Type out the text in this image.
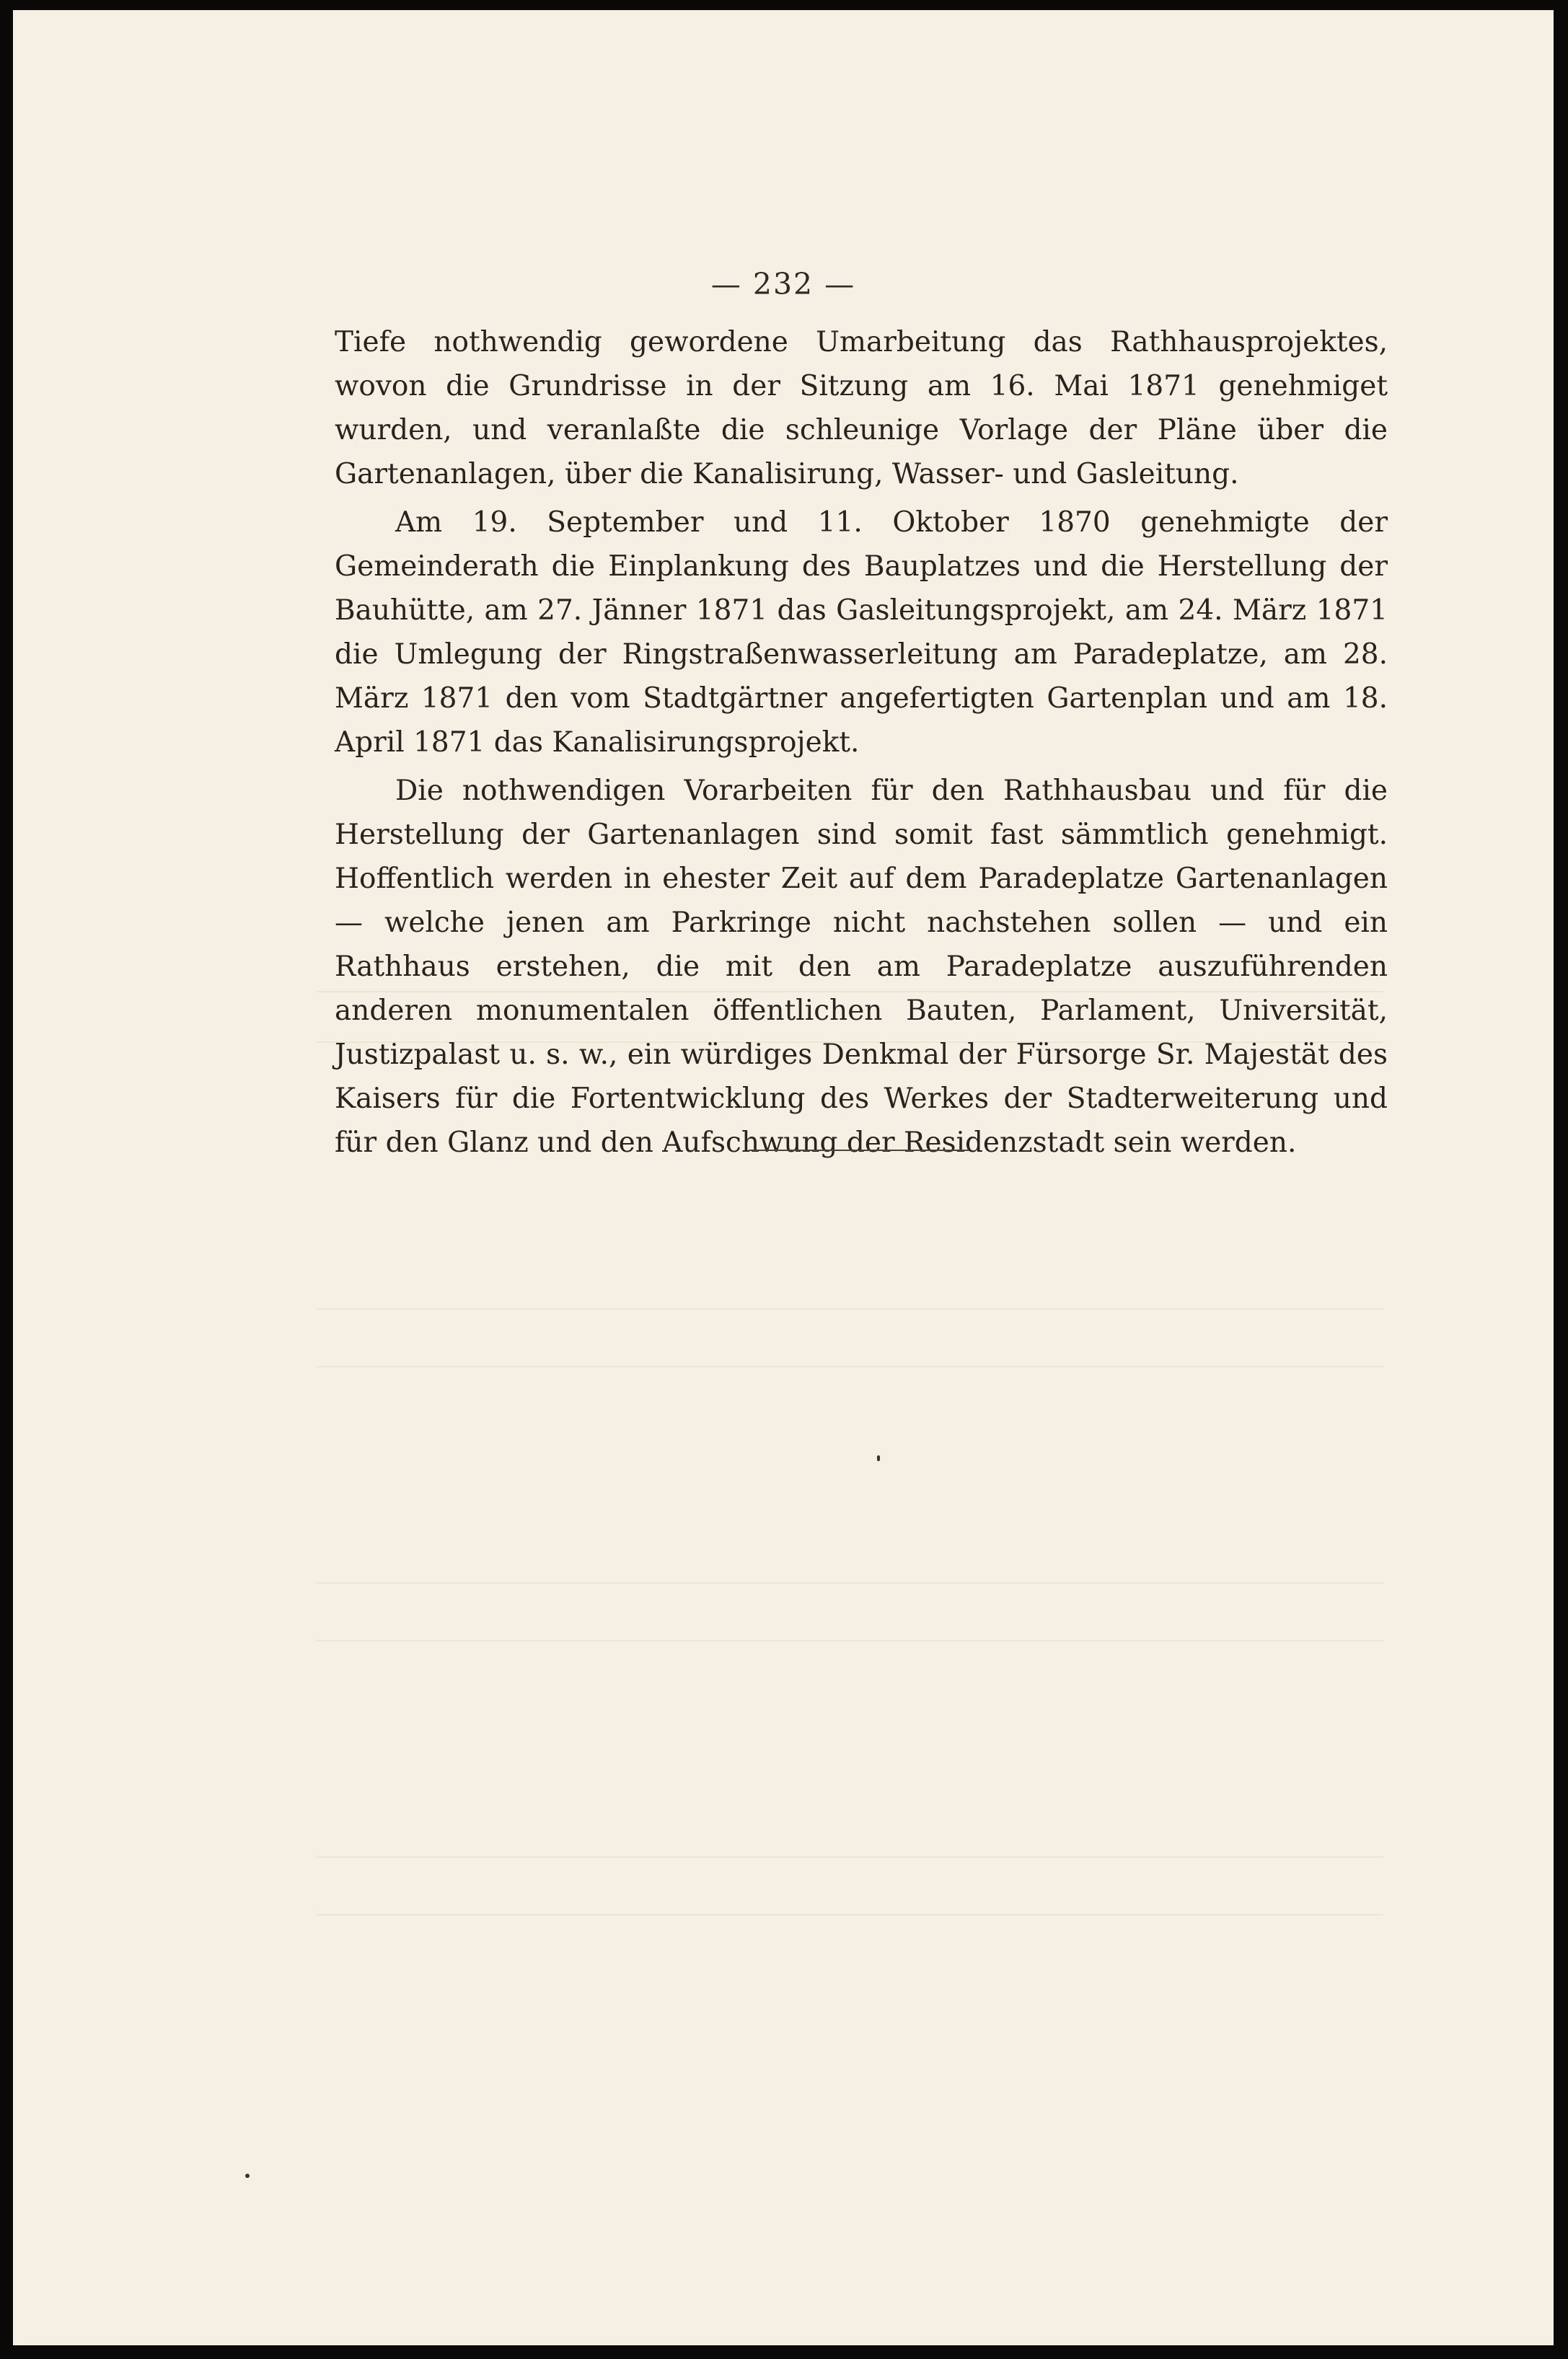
— 232 —

Tiefe nothwendig gewordene Umarbeitung das Rathhausprojektes, wovon die Grundrisse in der Sitzung am 16. Mai 1871 genehmiget wurden, und veranlaßte die schleunige Vorlage der Pläne über die Gartenanlagen, über die Kanalisirung, Wasser- und Gasleitung.

Am 19. September und 11. Oktober 1870 genehmigte der Gemeinderath die Einplankung des Bauplatzes und die Herstellung der Bauhütte, am 27. Jänner 1871 das Gasleitungsprojekt, am 24. März 1871 die Umlegung der Ringstraßenwasserleitung am Paradeplatze, am 28. März 1871 den vom Stadtgärtner angefertigten Gartenplan und am 18. April 1871 das Kanalisirungsprojekt.

Die nothwendigen Vorarbeiten für den Rathhausbau und für die Herstellung der Gartenanlagen sind somit fast sämmtlich genehmigt. Hoffentlich werden in ehester Zeit auf dem Paradeplatze Gartenanlagen — welche jenen am Parkringe nicht nachstehen sollen — und ein Rathhaus erstehen, die mit den am Paradeplatze auszuführenden anderen monumentalen öffentlichen Bauten, Parlament, Universität, Justizpalast u. s. w., ein würdiges Denkmal der Fürsorge Sr. Majestät des Kaisers für die Fortentwicklung des Werkes der Stadterweiterung und für den Glanz und den Aufschwung der Residenzstadt sein werden.
